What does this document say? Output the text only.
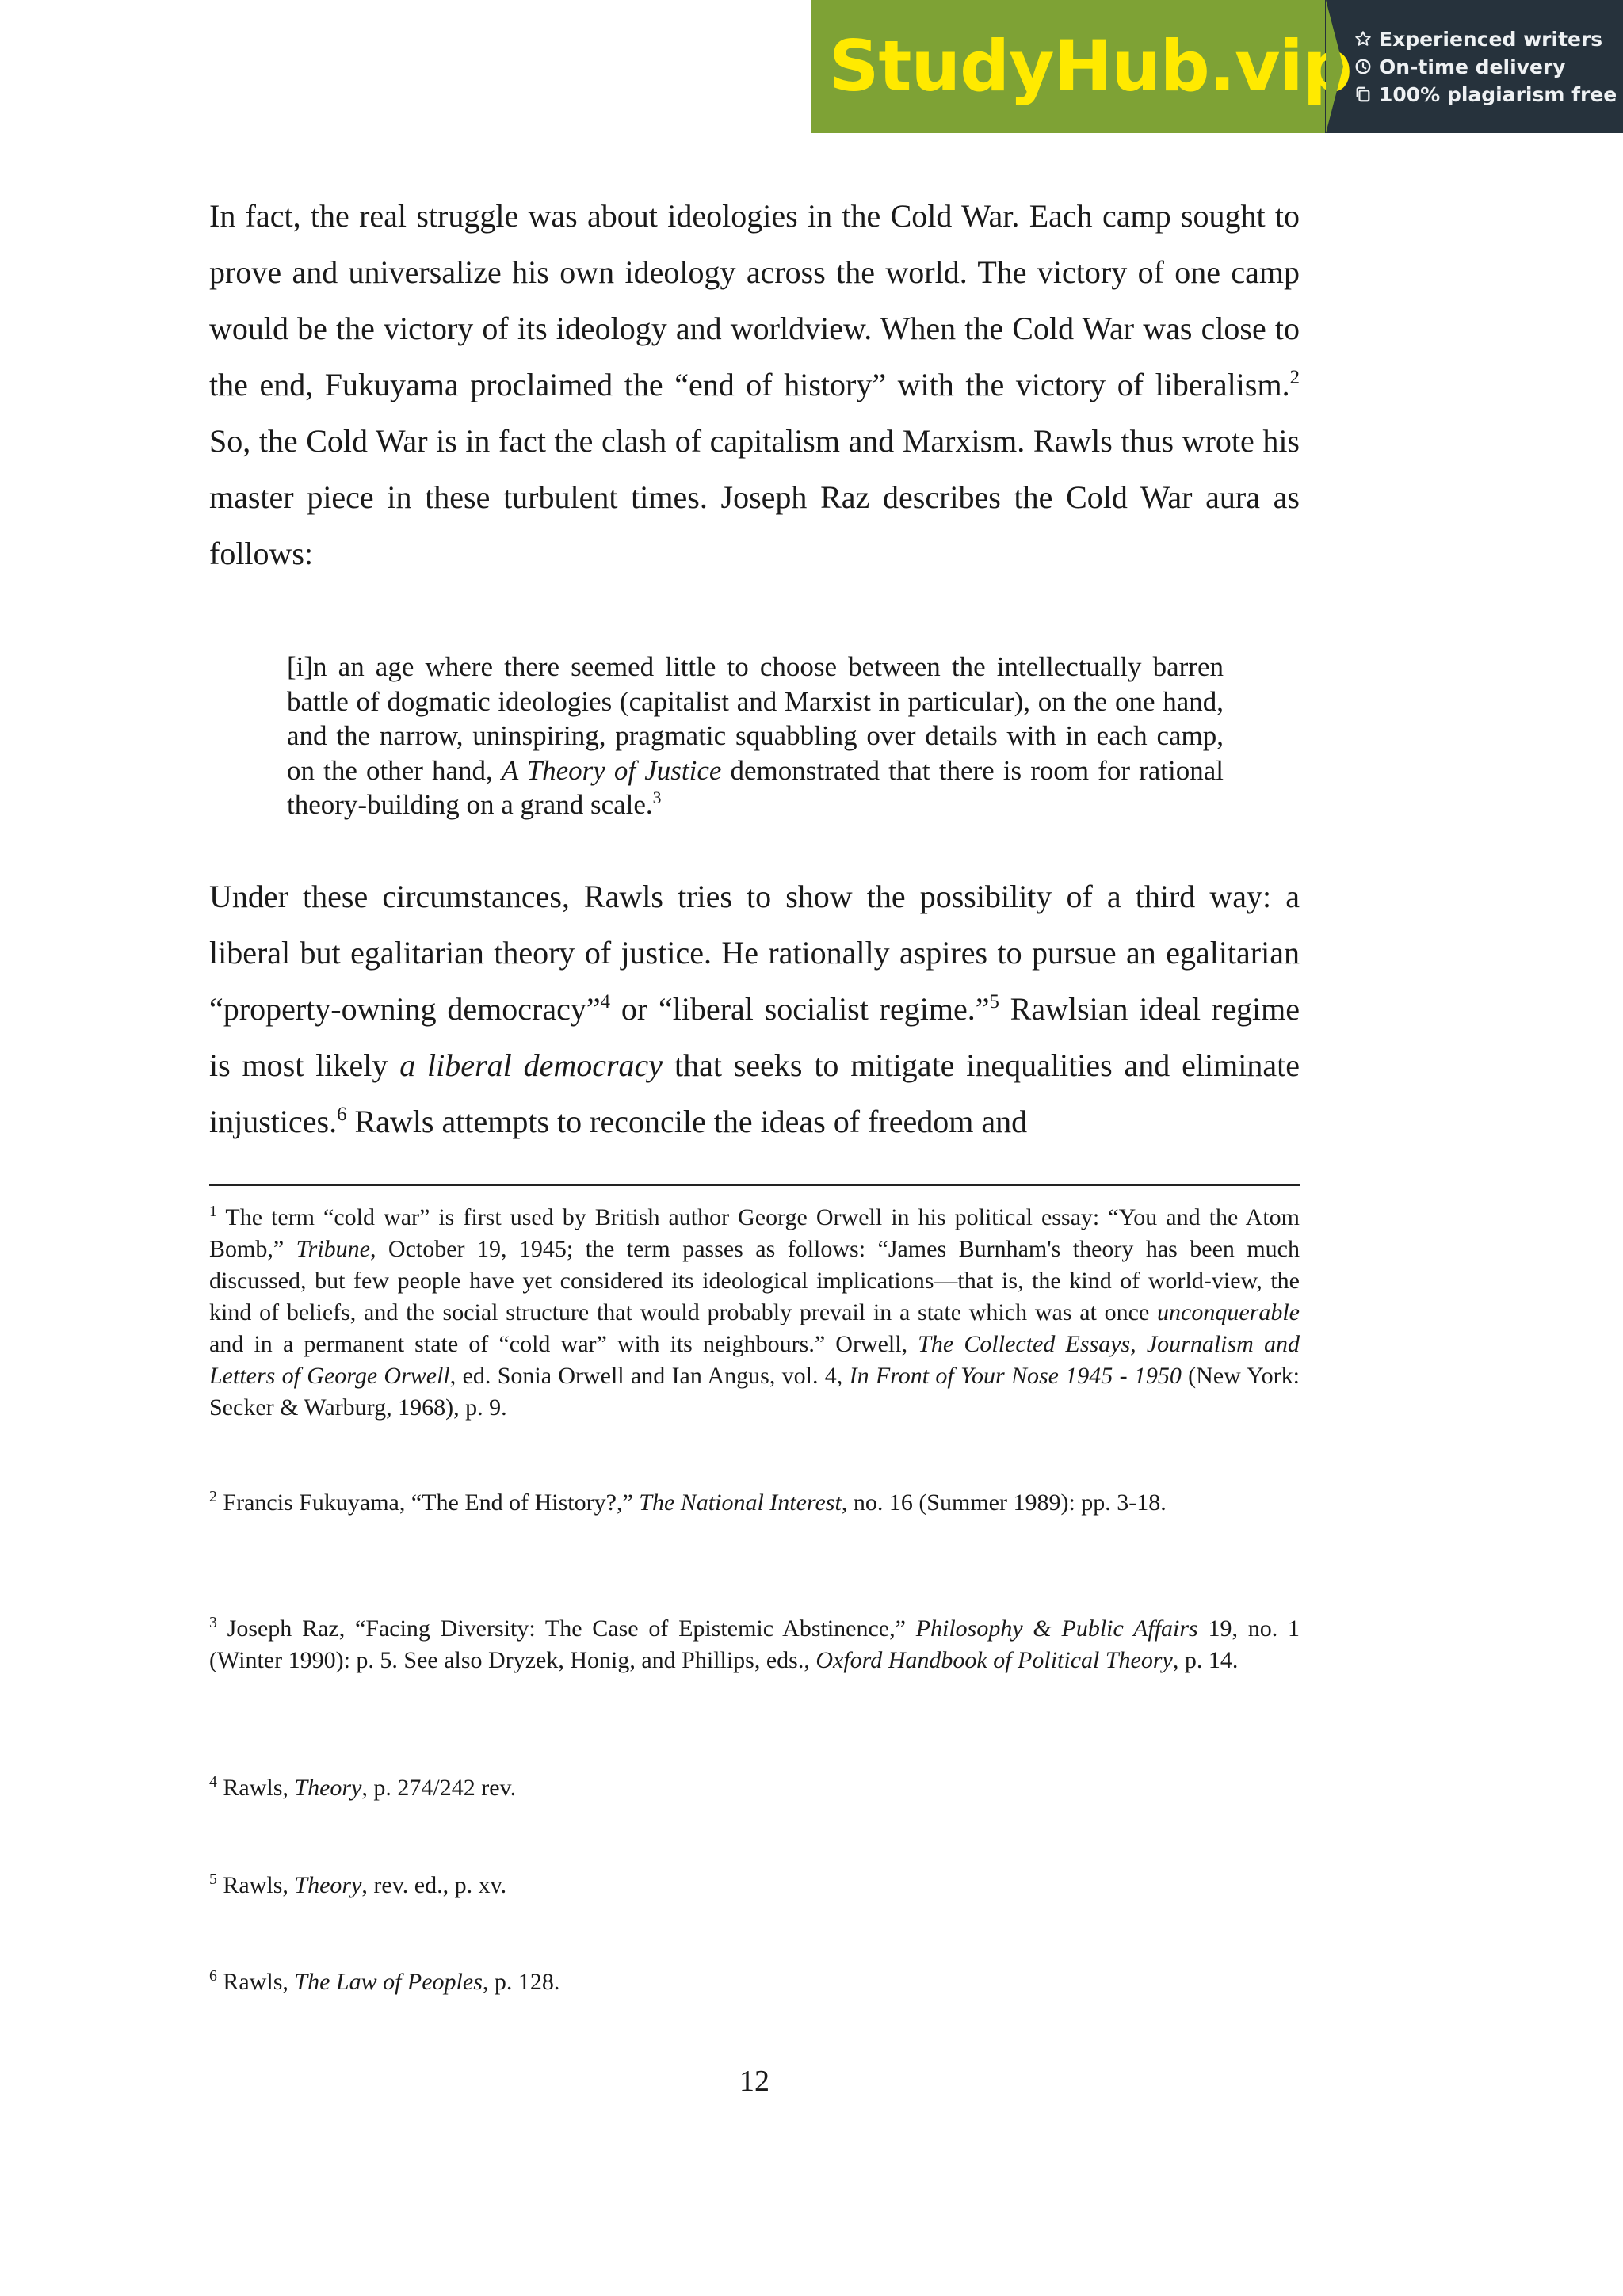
StudyHub.vip Experienced writers
On-time delivery
100% plagiarism free

In fact, the real struggle was about ideologies in the Cold War. Each camp sought to prove and universalize his own ideology across the world. The victory of one camp would be the victory of its ideology and worldview. When the Cold War was close to the end, Fukuyama proclaimed the “end of history” with the victory of liberalism.$^2$ So, the Cold War is in fact the clash of capitalism and Marxism. Rawls thus wrote his master piece in these turbulent times. Joseph Raz describes the Cold War aura as follows:

[i]n an age where there seemed little to choose between the intellectually barren battle of dogmatic ideologies (capitalist and Marxist in particular), on the one hand, and the narrow, uninspiring, pragmatic squabbling over details with in each camp, on the other hand, A Theory of Justice demonstrated that there is room for rational theory-building on a grand scale.$^3$

Under these circumstances, Rawls tries to show the possibility of a third way: a liberal but egalitarian theory of justice. He rationally aspires to pursue an egalitarian “property-owning democracy”$^4$ or “liberal socialist regime.”$^5$ Rawlsian ideal regime is most likely a liberal democracy that seeks to mitigate inequalities and eliminate injustices.$^6$ Rawls attempts to reconcile the ideas of freedom and

$^1$ The term “cold war” is first used by British author George Orwell in his political essay: “You and the Atom Bomb,” Tribune, October 19, 1945; the term passes as follows: “James Burnham's theory has been much discussed, but few people have yet considered its ideological implications—that is, the kind of world-view, the kind of beliefs, and the social structure that would probably prevail in a state which was at once unconquerable and in a permanent state of “cold war” with its neighbours.” Orwell, The Collected Essays, Journalism and Letters of George Orwell, ed. Sonia Orwell and Ian Angus, vol. 4, In Front of Your Nose 1945 - 1950 (New York: Secker & Warburg, 1968), p. 9.

$^2$ Francis Fukuyama, “The End of History?,” The National Interest, no. 16 (Summer 1989): pp. 3-18.

$^3$ Joseph Raz, “Facing Diversity: The Case of Epistemic Abstinence,” Philosophy & Public Affairs 19, no. 1 (Winter 1990): p. 5. See also Dryzek, Honig, and Phillips, eds., Oxford Handbook of Political Theory, p. 14.

$^4$ Rawls, Theory, p. 274/242 rev.

$^5$ Rawls, Theory, rev. ed., p. xv.

$^6$ Rawls, The Law of Peoples, p. 128.

12
